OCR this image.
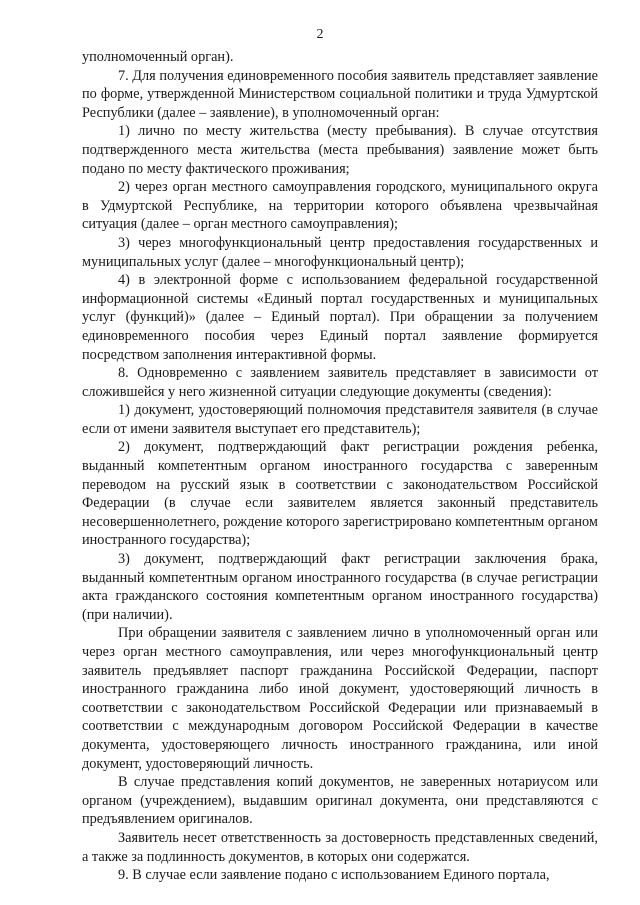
2

уполномоченный орган).

7. Для получения единовременного пособия заявитель представляет заявление по форме, утвержденной Министерством социальной политики и труда Удмуртской Республики (далее – заявление), в уполномоченный орган:

1) лично по месту жительства (месту пребывания). В случае отсутствия подтвержденного места жительства (места пребывания) заявление может быть подано по месту фактического проживания;

2) через орган местного самоуправления городского, муниципального округа в Удмуртской Республике, на территории которого объявлена чрезвычайная ситуация (далее – орган местного самоуправления);

3) через многофункциональный центр предоставления государственных и муниципальных услуг (далее – многофункциональный центр);

4) в электронной форме с использованием федеральной государственной информационной системы «Единый портал государственных и муниципальных услуг (функций)» (далее – Единый портал). При обращении за получением единовременного пособия через Единый портал заявление формируется посредством заполнения интерактивной формы.

8. Одновременно с заявлением заявитель представляет в зависимости от сложившейся у него жизненной ситуации следующие документы (сведения):

1) документ, удостоверяющий полномочия представителя заявителя (в случае если от имени заявителя выступает его представитель);

2) документ, подтверждающий факт регистрации рождения ребенка, выданный компетентным органом иностранного государства с заверенным переводом на русский язык в соответствии с законодательством Российской Федерации (в случае если заявителем является законный представитель несовершеннолетнего, рождение которого зарегистрировано компетентным органом иностранного государства);

3) документ, подтверждающий факт регистрации заключения брака, выданный компетентным органом иностранного государства (в случае регистрации акта гражданского состояния компетентным органом иностранного государства) (при наличии).

При обращении заявителя с заявлением лично в уполномоченный орган или через орган местного самоуправления, или через многофункциональный центр заявитель предъявляет паспорт гражданина Российской Федерации, паспорт иностранного гражданина либо иной документ, удостоверяющий личность в соответствии с законодательством Российской Федерации или признаваемый в соответствии с международным договором Российской Федерации в качестве документа, удостоверяющего личность иностранного гражданина, или иной документ, удостоверяющий личность.

В случае представления копий документов, не заверенных нотариусом или органом (учреждением), выдавшим оригинал документа, они представляются с предъявлением оригиналов.

Заявитель несет ответственность за достоверность представленных сведений, а также за подлинность документов, в которых они содержатся.

9. В случае если заявление подано с использованием Единого портала,
